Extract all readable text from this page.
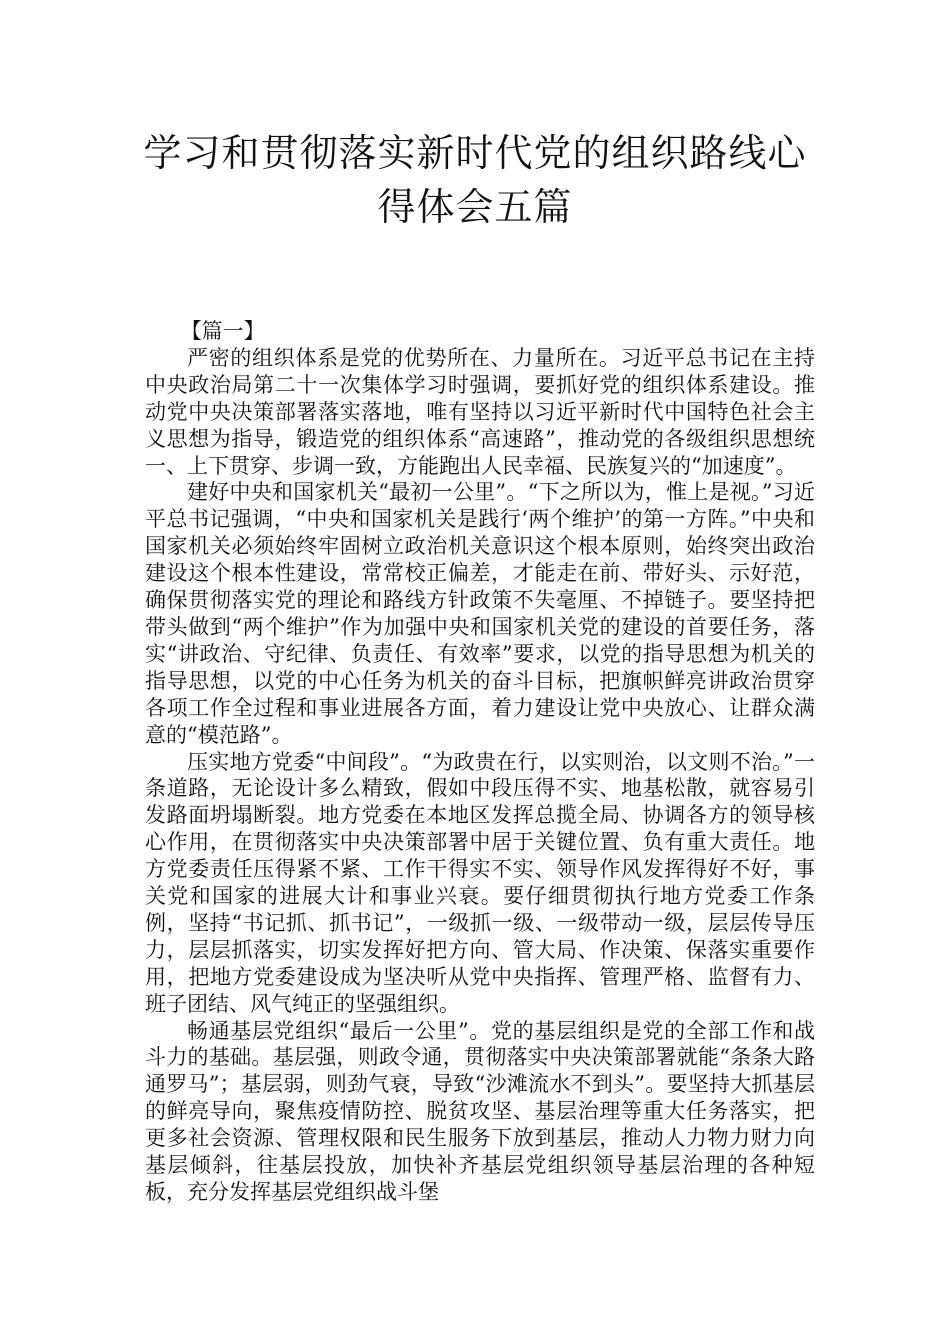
学习和贯彻落实新时代党的组织路线心
得体会五篇

【篇一】

严密的组织体系是党的优势所在、力量所在。习近平总书记在主持中央政治局第二十一次集体学习时强调，要抓好党的组织体系建设。推动党中央决策部署落实落地，唯有坚持以习近平新时代中国特色社会主义思想为指导，锻造党的组织体系“高速路”，推动党的各级组织思想统一、上下贯穿、步调一致，方能跑出人民幸福、民族复兴的“加速度”。

建好中央和国家机关“最初一公里”。“下之所以为，惟上是视。”习近平总书记强调，“中央和国家机关是践行‘两个维护’的第一方阵。”中央和国家机关必须始终牢固树立政治机关意识这个根本原则，始终突出政治建设这个根本性建设，常常校正偏差，才能走在前、带好头、示好范，确保贯彻落实党的理论和路线方针政策不失毫厘、不掉链子。要坚持把带头做到“两个维护”作为加强中央和国家机关党的建设的首要任务，落实“讲政治、守纪律、负责任、有效率”要求，以党的指导思想为机关的指导思想，以党的中心任务为机关的奋斗目标，把旗帜鲜亮讲政治贯穿各项工作全过程和事业进展各方面，着力建设让党中央放心、让群众满意的“模范路”。

压实地方党委“中间段”。“为政贵在行，以实则治，以文则不治。”一条道路，无论设计多么精致，假如中段压得不实、地基松散，就容易引发路面坍塌断裂。地方党委在本地区发挥总揽全局、协调各方的领导核心作用，在贯彻落实中央决策部署中居于关键位置、负有重大责任。地方党委责任压得紧不紧、工作干得实不实、领导作风发挥得好不好，事关党和国家的进展大计和事业兴衰。要仔细贯彻执行地方党委工作条例，坚持“书记抓、抓书记”，一级抓一级、一级带动一级，层层传导压力，层层抓落实，切实发挥好把方向、管大局、作决策、保落实重要作用，把地方党委建设成为坚决听从党中央指挥、管理严格、监督有力、班子团结、风气纯正的坚强组织。

畅通基层党组织“最后一公里”。党的基层组织是党的全部工作和战斗力的基础。基层强，则政令通，贯彻落实中央决策部署就能“条条大路通罗马”；基层弱，则劲气衰，导致“沙滩流水不到头”。要坚持大抓基层的鲜亮导向，聚焦疫情防控、脱贫攻坚、基层治理等重大任务落实，把更多社会资源、管理权限和民生服务下放到基层，推动人力物力财力向基层倾斜，往基层投放，加快补齐基层党组织领导基层治理的各种短板，充分发挥基层党组织战斗堡
